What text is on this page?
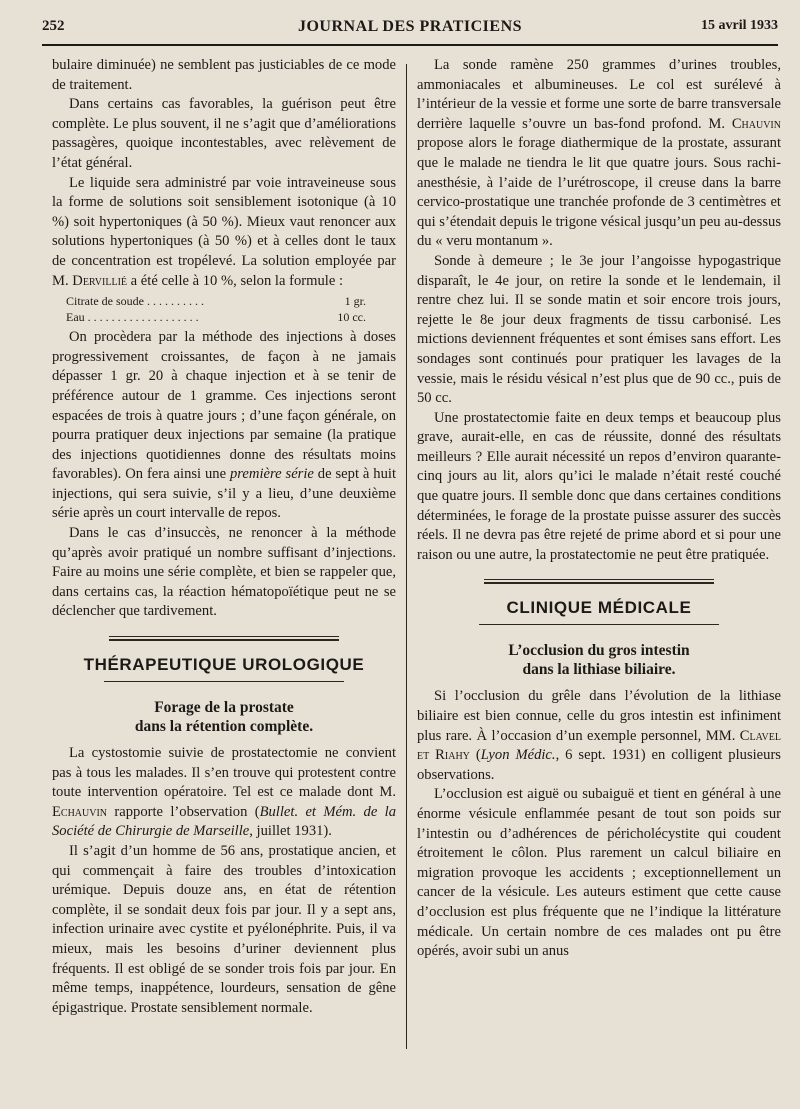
252	JOURNAL DES PRATICIENS	15 avril 1933

bulaire diminuée) ne semblent pas justiciables de ce mode de traitement.

Dans certains cas favorables, la guérison peut être complète. Le plus souvent, il ne s’agit que d’améliorations passagères, quoique incontestables, avec relèvement de l’état général.

Le liquide sera administré par voie intraveineuse sous la forme de solutions soit sensiblement isotonique (à 10 %) soit hypertoniques (à 50 %). Mieux vaut renoncer aux solutions hypertoniques (à 50 %) et à celles dont le taux de concentration est tropélevé. La solution employée par M. Dervillié a été celle à 10 %, selon la formule :

Citrate de soude . . . . . . . . . .	1 gr.
Eau . . . . . . . . . . . . . . . . . . .	10 cc.

On procèdera par la méthode des injections à doses progressivement croissantes, de façon à ne jamais dépasser 1 gr. 20 à chaque injection et à se tenir de préférence autour de 1 gramme. Ces injections seront espacées de trois à quatre jours ; d’une façon générale, on pourra pratiquer deux injections par semaine (la pratique des injections quotidiennes donne des résultats moins favorables). On fera ainsi une première série de sept à huit injections, qui sera suivie, s’il y a lieu, d’une deuxième série après un court intervalle de repos.

Dans le cas d’insuccès, ne renoncer à la méthode qu’après avoir pratiqué un nombre suffisant d’injections. Faire au moins une série complète, et bien se rappeler que, dans certains cas, la réaction hématopoïétique peut ne se déclencher que tardivement.

THÉRAPEUTIQUE UROLOGIQUE
Forage de la prostate
dans la rétention complète.

La cystostomie suivie de prostatectomie ne convient pas à tous les malades. Il s’en trouve qui protestent contre toute intervention opératoire. Tel est ce malade dont M. Echauvin rapporte l’observation (Bullet. et Mém. de la Société de Chirurgie de Marseille, juillet 1931).

Il s’agit d’un homme de 56 ans, prostatique ancien, et qui commençait à faire des troubles d’intoxication urémique. Depuis douze ans, en état de rétention complète, il se sondait deux fois par jour. Il y a sept ans, infection urinaire avec cystite et pyélonéphrite. Puis, il va mieux, mais les besoins d’uriner deviennent plus fréquents. Il est obligé de se sonder trois fois par jour. En même temps, inappétence, lourdeurs, sensation de gêne épigastrique. Prostate sensiblement normale.

La sonde ramène 250 grammes d’urines troubles, ammoniacales et albumineuses. Le col est surélevé à l’intérieur de la vessie et forme une sorte de barre transversale derrière laquelle s’ouvre un bas-fond profond. M. Chauvin propose alors le forage diathermique de la prostate, assurant que le malade ne tiendra le lit que quatre jours. Sous rachi-anesthésie, à l’aide de l’urétroscope, il creuse dans la barre cervico-prostatique une tranchée profonde de 3 centimètres et qui s’étendait depuis le trigone vésical jusqu’un peu au-dessus du « veru montanum ».

Sonde à demeure ; le 3e jour l’angoisse hypogastrique disparaît, le 4e jour, on retire la sonde et le lendemain, il rentre chez lui. Il se sonde matin et soir encore trois jours, rejette le 8e jour deux fragments de tissu carbonisé. Les mictions deviennent fréquentes et sont émises sans effort. Les sondages sont continués pour pratiquer les lavages de la vessie, mais le résidu vésical n’est plus que de 90 cc., puis de 50 cc.

Une prostatectomie faite en deux temps et beaucoup plus grave, aurait-elle, en cas de réussite, donné des résultats meilleurs ? Elle aurait nécessité un repos d’environ quarante-cinq jours au lit, alors qu’ici le malade n’était resté couché que quatre jours. Il semble donc que dans certaines conditions déterminées, le forage de la prostate puisse assurer des succès réels. Il ne devra pas être rejeté de prime abord et si pour une raison ou une autre, la prostatectomie ne peut être pratiquée.

CLINIQUE MÉDICALE
L’occlusion du gros intestin
dans la lithiase biliaire.

Si l’occlusion du grêle dans l’évolution de la lithiase biliaire est bien connue, celle du gros intestin est infiniment plus rare. À l’occasion d’un exemple personnel, MM. Clavel et Riahy (Lyon Médic., 6 sept. 1931) en colligent plusieurs observations.

L’occlusion est aiguë ou subaiguë et tient en général à une énorme vésicule enflammée pesant de tout son poids sur l’intestin ou d’adhérences de péricholécystite qui coudent étroitement le côlon. Plus rarement un calcul biliaire en migration provoque les accidents ; exceptionnellement un cancer de la vésicule. Les auteurs estiment que cette cause d’occlusion est plus fréquente que ne l’indique la littérature médicale. Un certain nombre de ces malades ont pu être opérés, avoir subi un anus
